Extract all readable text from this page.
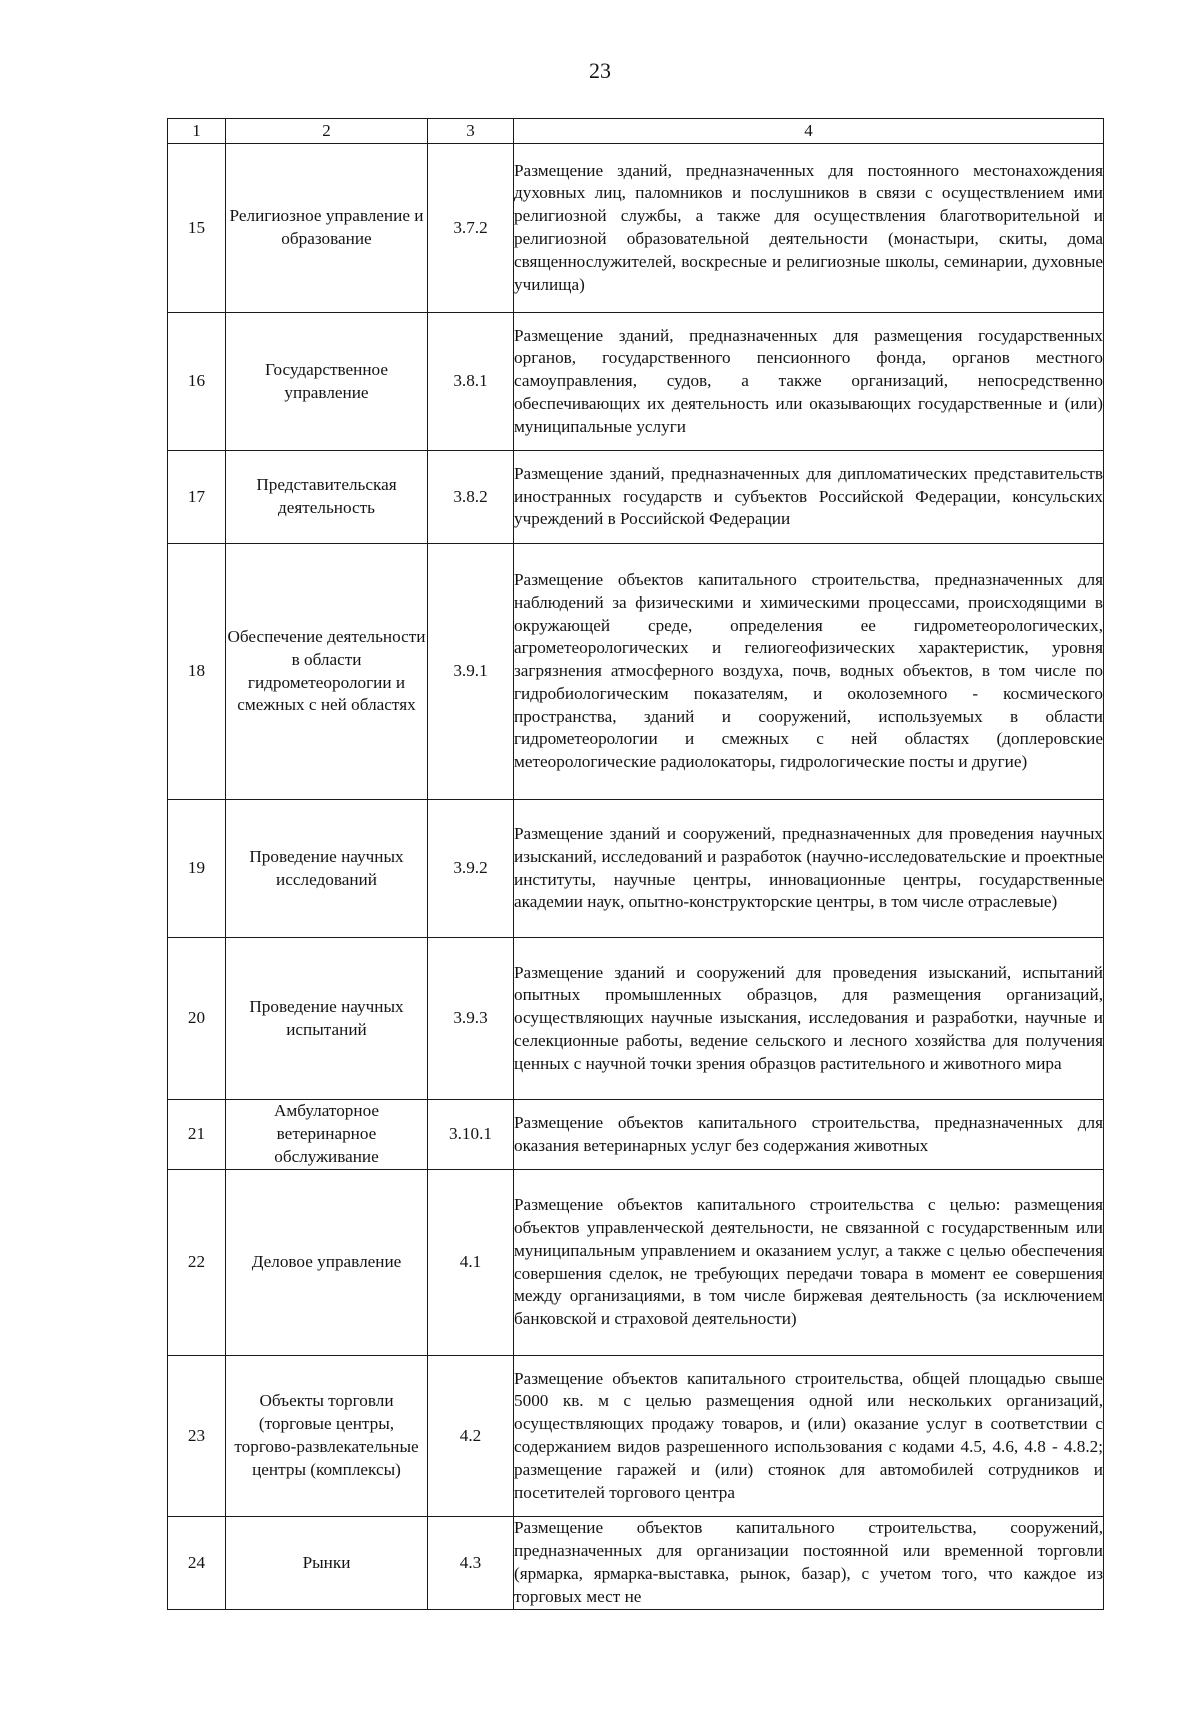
23
1	2	3	4
15	Религиозное управление и образование	3.7.2	Размещение зданий, предназначенных для постоянного местонахождения духовных лиц, паломников и послушников в связи с осуществлением ими религиозной службы, а также для осуществления благотворительной и религиозной образовательной деятельности (монастыри, скиты, дома священнослужителей, воскресные и религиозные школы, семинарии, духовные училища)

16	Государственное управление	3.8.1	Размещение зданий, предназначенных для размещения государственных органов, государственного пенсионного фонда, органов местного самоуправления, судов, а также организаций, непосредственно обеспечивающих их деятельность или оказывающих государственные и (или) муниципальные услуги

17	Представительская деятельность	3.8.2	Размещение зданий, предназначенных для дипломатических представительств иностранных государств и субъектов Российской Федерации, консульских учреждений в Российской Федерации

18	Обеспечение деятельности в области гидрометеорологии и смежных с ней областях	3.9.1	Размещение объектов капитального строительства, предназначенных для наблюдений за физическими и химическими процессами, происходящими в окружающей среде, определения ее гидрометеорологических, агрометеорологических и гелиогеофизических характеристик, уровня загрязнения атмосферного воздуха, почв, водных объектов, в том числе по гидробиологическим показателям, и околоземного - космического пространства, зданий и сооружений, используемых в области гидрометеорологии и смежных с ней областях (доплеровские метеорологические радиолокаторы, гидрологические посты и другие)

19	Проведение научных исследований	3.9.2	Размещение зданий и сооружений, предназначенных для проведения научных изысканий, исследований и разработок (научно-исследовательские и проектные институты, научные центры, инновационные центры, государственные академии наук, опытно-конструкторские центры, в том числе отраслевые)

20	Проведение научных испытаний	3.9.3	Размещение зданий и сооружений для проведения изысканий, испытаний опытных промышленных образцов, для размещения организаций, осуществляющих научные изыскания, исследования и разработки, научные и селекционные работы, ведение сельского и лесного хозяйства для получения ценных с научной точки зрения образцов растительного и животного мира

21	Амбулаторное ветеринарное обслуживание	3.10.1	Размещение объектов капитального строительства, предназначенных для оказания ветеринарных услуг без содержания животных

22	Деловое управление	4.1	Размещение объектов капитального строительства с целью: размещения объектов управленческой деятельности, не связанной с государственным или муниципальным управлением и оказанием услуг, а также с целью обеспечения совершения сделок, не требующих передачи товара в момент ее совершения между организациями, в том числе биржевая деятельность (за исключением банковской и страховой деятельности)

23	Объекты торговли (торговые центры, торгово-развлекательные центры (комплексы)	4.2	Размещение объектов капитального строительства, общей площадью свыше 5000 кв. м с целью размещения одной или нескольких организаций, осуществляющих продажу товаров, и (или) оказание услуг в соответствии с содержанием видов разрешенного использования с кодами 4.5, 4.6, 4.8 - 4.8.2; размещение гаражей и (или) стоянок для автомобилей сотрудников и посетителей торгового центра

24	Рынки	4.3	Размещение объектов капитального строительства, сооружений, предназначенных для организации постоянной или временной торговли (ярмарка, ярмарка-выставка, рынок, базар), с учетом того, что каждое из торговых мест не
